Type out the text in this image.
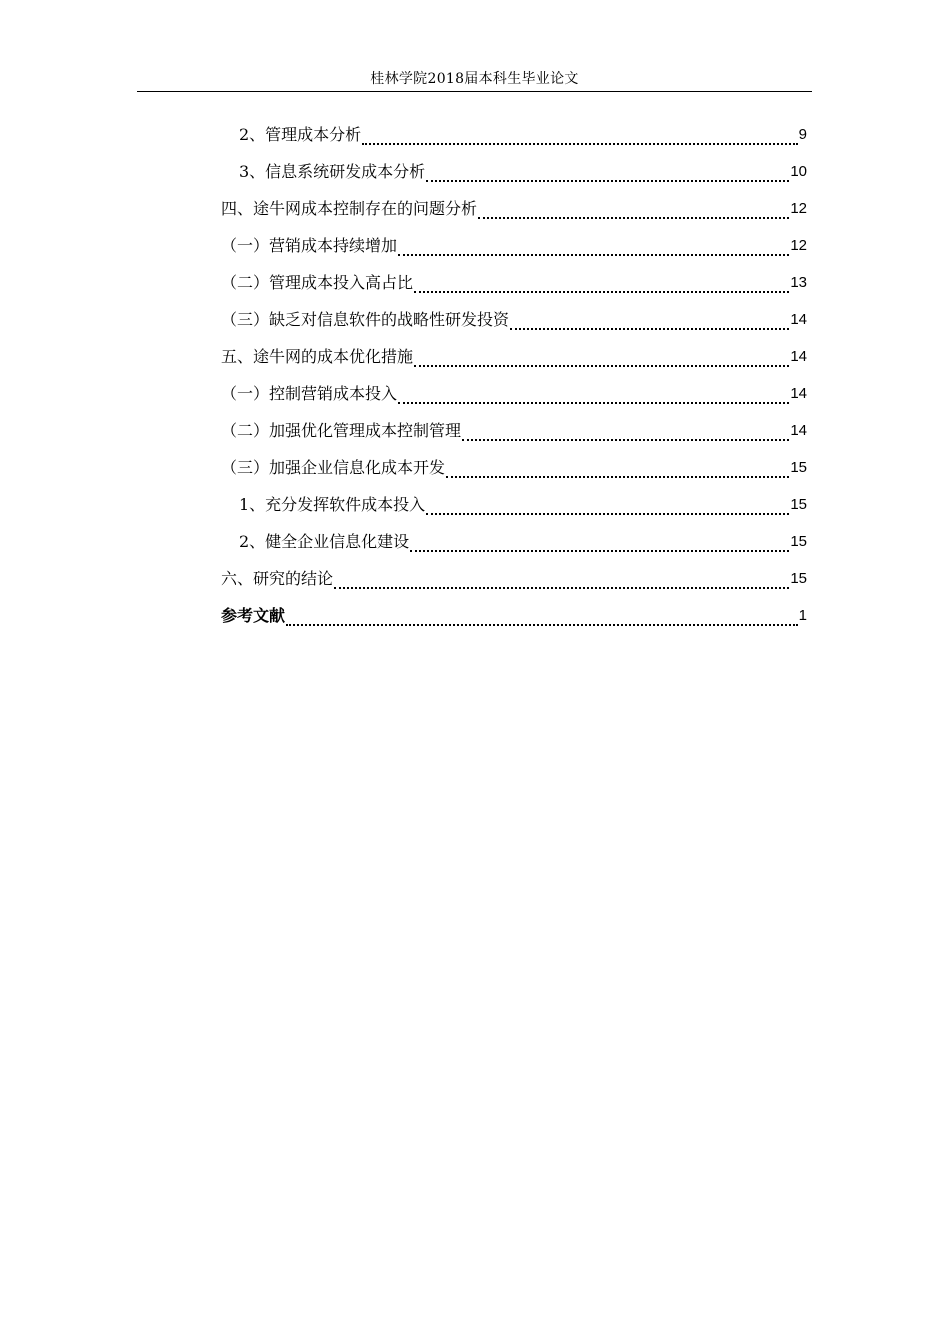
桂林学院2018届本科生毕业论文
2、管理成本分析	9
3、信息系统研发成本分析	10
四、途牛网成本控制存在的问题分析	12
（一）营销成本持续增加	12
（二）管理成本投入高占比	13
（三）缺乏对信息软件的战略性研发投资	14
五、途牛网的成本优化措施	14
（一）控制营销成本投入	14
（二）加强优化管理成本控制管理	14
（三）加强企业信息化成本开发	15
1、充分发挥软件成本投入	15
2、健全企业信息化建设	15
六、研究的结论	15
参考文献	1
